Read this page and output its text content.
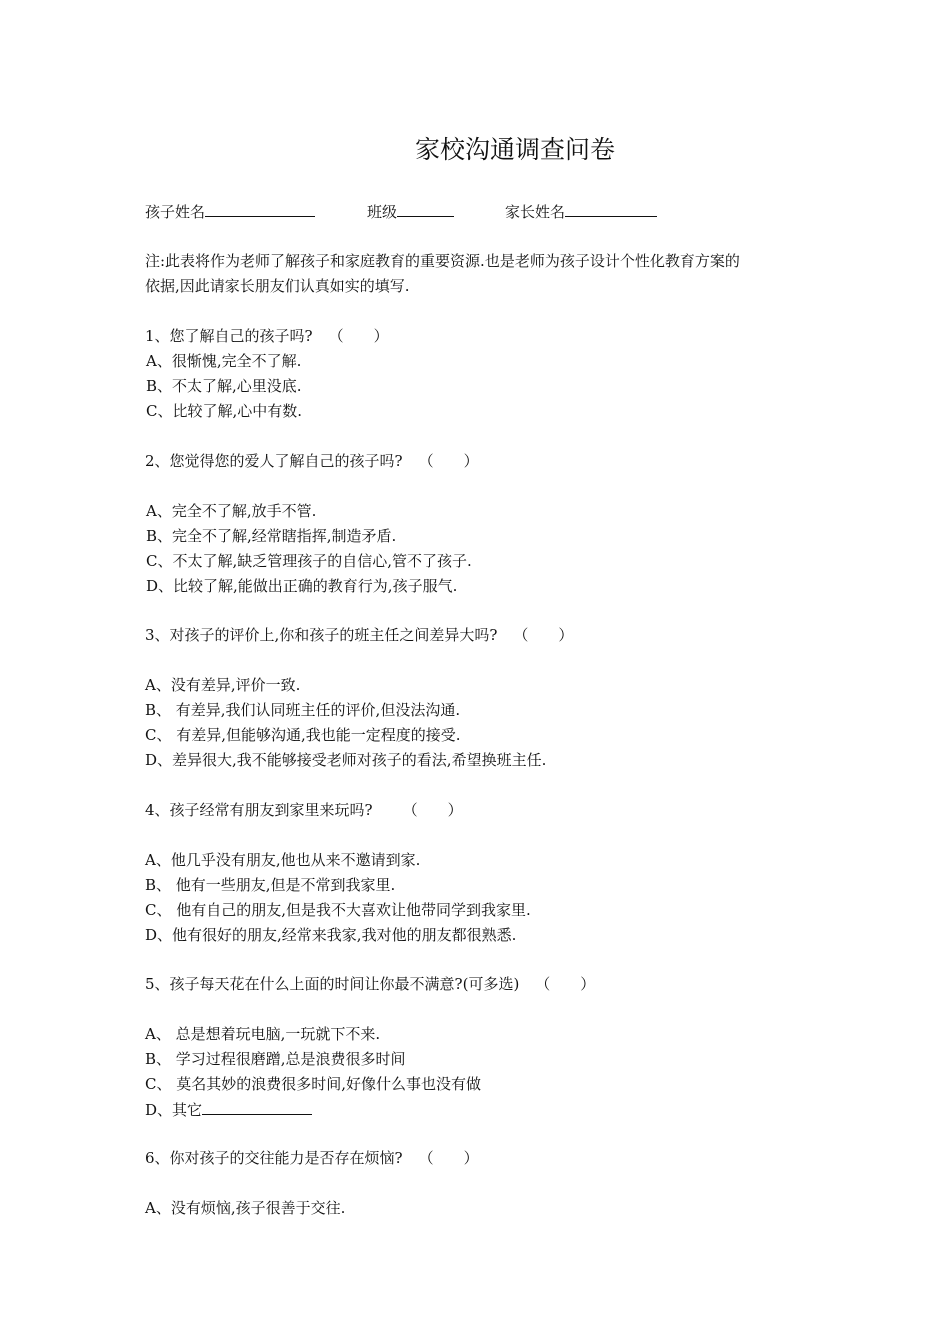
家校沟通调查问卷
孩子姓名	班级	家长姓名
注:此表将作为老师了解孩子和家庭教育的重要资源.也是老师为孩子设计个性化教育方案的
依据,因此请家长朋友们认真如实的填写.
1、您了解自己的孩子吗? （　　）
A、很惭愧,完全不了解.
B、不太了解,心里没底.
C、比较了解,心中有数.
2、您觉得您的爱人了解自己的孩子吗? （　　）
A、完全不了解,放手不管.
B、完全不了解,经常瞎指挥,制造矛盾.
C、不太了解,缺乏管理孩子的自信心,管不了孩子.
D、比较了解,能做出正确的教育行为,孩子服气.
3、对孩子的评价上,你和孩子的班主任之间差异大吗? （　　）
A、没有差异,评价一致.
B、 有差异,我们认同班主任的评价,但没法沟通.
C、 有差异,但能够沟通,我也能一定程度的接受.
D、差异很大,我不能够接受老师对孩子的看法,希望换班主任.
4、孩子经常有朋友到家里来玩吗? （　　）
A、他几乎没有朋友,他也从来不邀请到家.
B、 他有一些朋友,但是不常到我家里.
C、 他有自己的朋友,但是我不大喜欢让他带同学到我家里.
D、他有很好的朋友,经常来我家,我对他的朋友都很熟悉.
5、孩子每天花在什么上面的时间让你最不满意?(可多选) （　　）
A、 总是想着玩电脑,一玩就下不来.
B、 学习过程很磨蹭,总是浪费很多时间
C、 莫名其妙的浪费很多时间,好像什么事也没有做
D、其它
6、你对孩子的交往能力是否存在烦恼? （　　）
A、没有烦恼,孩子很善于交往.
